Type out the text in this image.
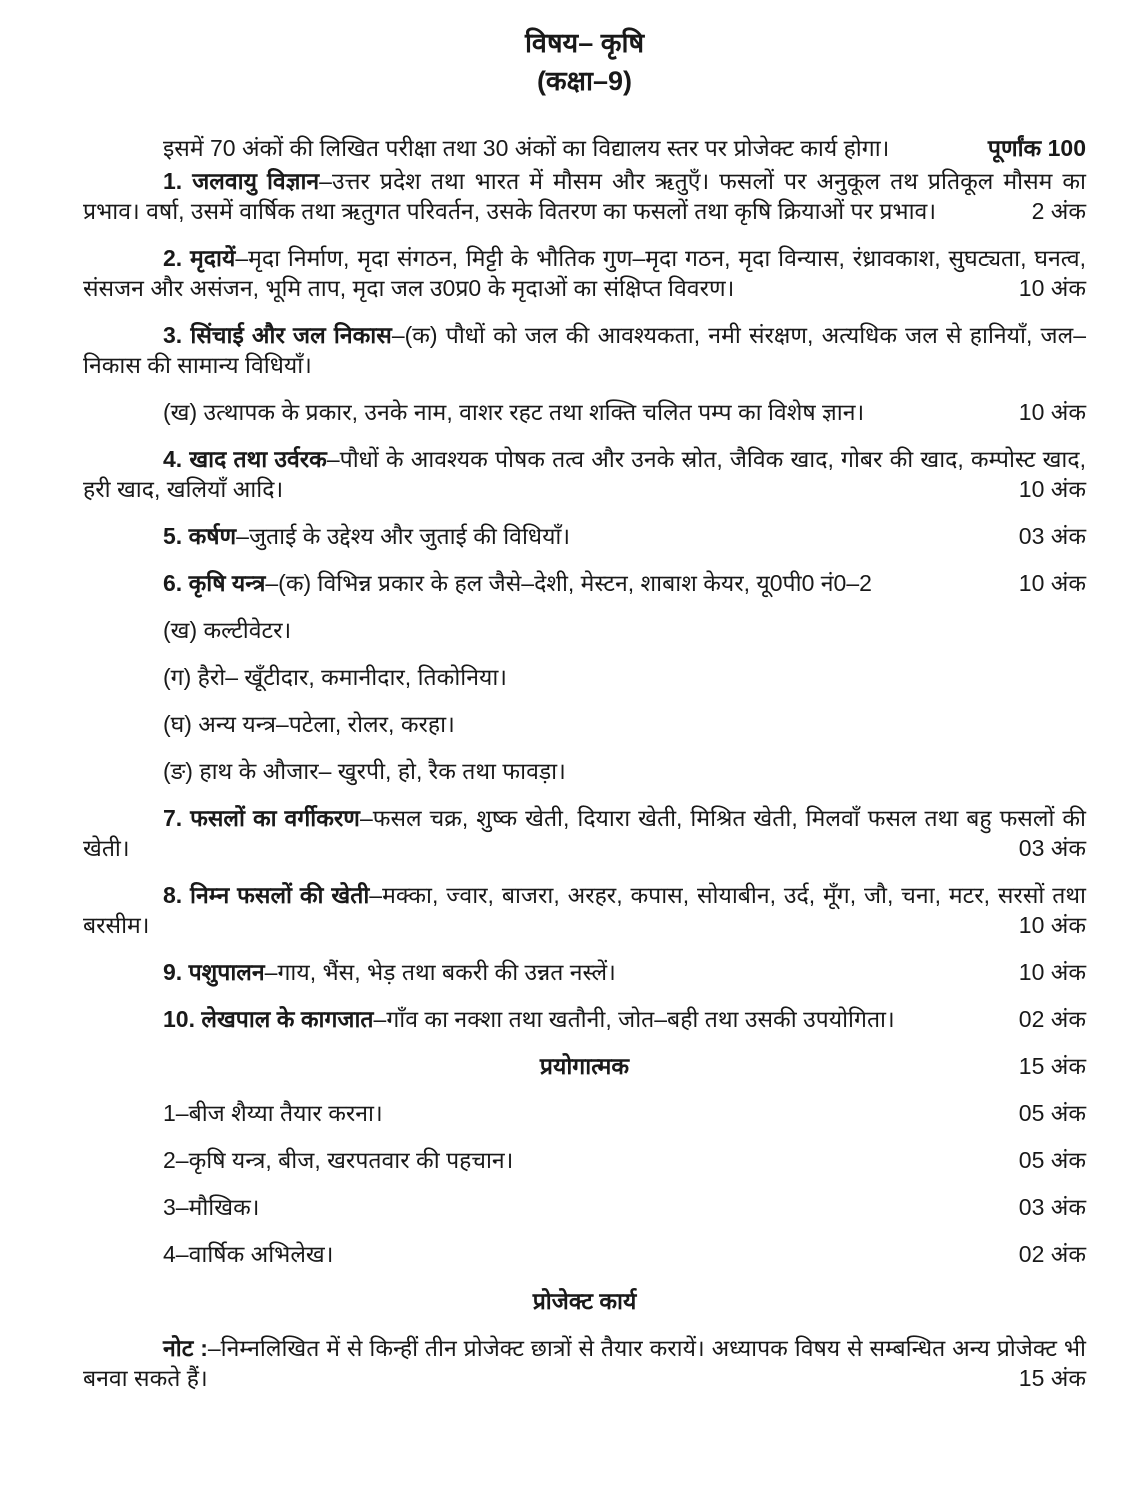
विषय– कृषि
(कक्षा–9)

इसमें 70 अंकों की लिखित परीक्षा तथा 30 अंकों का विद्यालय स्तर पर प्रोजेक्ट कार्य होगा।	पूर्णांक 100

1. जलवायु विज्ञान–उत्तर प्रदेश तथा भारत में मौसम और ऋतुएँ। फसलों पर अनुकूल तथ प्रतिकूल मौसम का प्रभाव। वर्षा, उसमें वार्षिक तथा ऋतुगत परिवर्तन, उसके वितरण का फसलों तथा कृषि क्रियाओं पर प्रभाव।	2 अंक

2. मृदायें–मृदा निर्माण, मृदा संगठन, मिट्टी के भौतिक गुण–मृदा गठन, मृदा विन्यास, रंध्रावकाश, सुघट्यता, घनत्व, संसजन और असंजन, भूमि ताप, मृदा जल उ0प्र0 के मृदाओं का संक्षिप्त विवरण।	10 अंक

3. सिंचाई और जल निकास–(क) पौधों को जल की आवश्यकता, नमी संरक्षण, अत्यधिक जल से हानियाँ, जल–निकास की सामान्य विधियाँ।

(ख) उत्थापक के प्रकार, उनके नाम, वाशर रहट तथा शक्ति चलित पम्प का विशेष ज्ञान।	10 अंक

4. खाद तथा उर्वरक–पौधों के आवश्यक पोषक तत्व और उनके स्रोत, जैविक खाद, गोबर की खाद, कम्पोस्ट खाद, हरी खाद, खलियाँ आदि।	10 अंक

5. कर्षण–जुताई के उद्देश्य और जुताई की विधियाँ।	03 अंक

6. कृषि यन्त्र–(क) विभिन्न प्रकार के हल जैसे–देशी, मेस्टन, शाबाश केयर, यू0पी0 नं0–2	10 अंक

(ख) कल्टीवेटर।

(ग) हैरो– खूँटीदार, कमानीदार, तिकोनिया।

(घ) अन्य यन्त्र–पटेला, रोलर, करहा।

(ङ) हाथ के औजार– खुरपी, हो, रैक तथा फावड़ा।

7. फसलों का वर्गीकरण–फसल चक्र, शुष्क खेती, दियारा खेती, मिश्रित खेती, मिलवाँ फसल तथा बहु फसलों की खेती।	03 अंक

8. निम्न फसलों की खेती–मक्का, ज्वार, बाजरा, अरहर, कपास, सोयाबीन, उर्द, मूँग, जौ, चना, मटर, सरसों तथा बरसीम।	10 अंक

9. पशुपालन–गाय, भैंस, भेड़ तथा बकरी की उन्नत नस्लें।	10 अंक

10. लेखपाल के कागजात–गाँव का नक्शा तथा खतौनी, जोत–बही तथा उसकी उपयोगिता।	02 अंक
प्रयोगात्मक	15 अंक

1–बीज शैय्या तैयार करना।	05 अंक

2–कृषि यन्त्र, बीज, खरपतवार की पहचान।	05 अंक

3–मौखिक।	03 अंक

4–वार्षिक अभिलेख।	02 अंक
प्रोजेक्ट कार्य

नोट :–निम्नलिखित में से किन्हीं तीन प्रोजेक्ट छात्रों से तैयार करायें। अध्यापक विषय से सम्बन्धित अन्य प्रोजेक्ट भी बनवा सकते हैं।	15 अंक
